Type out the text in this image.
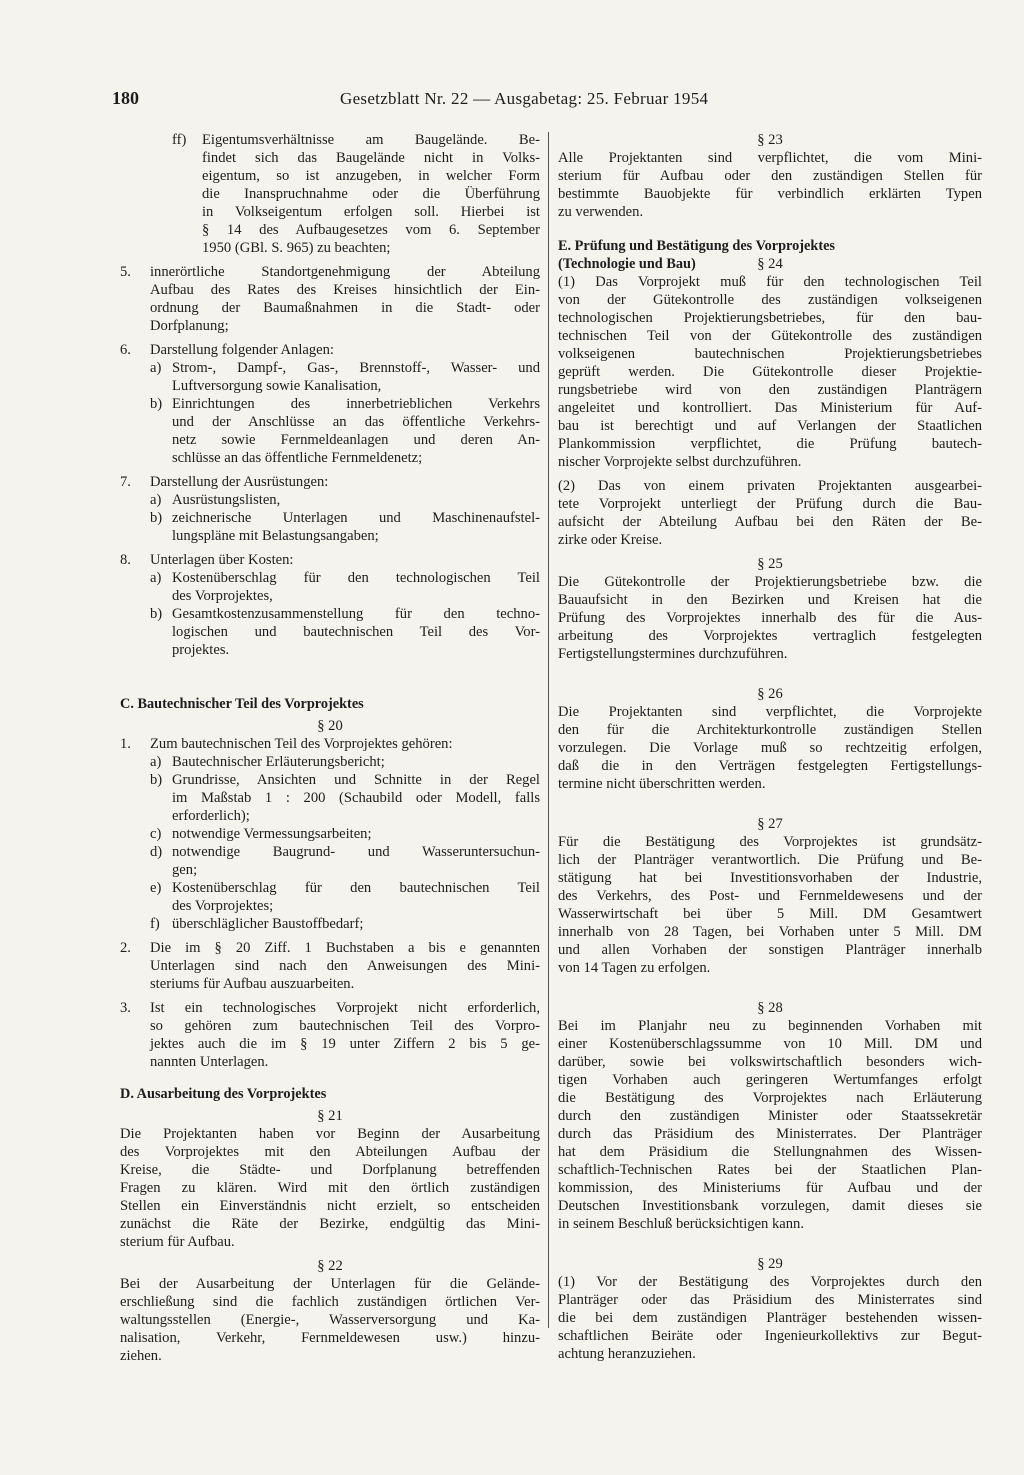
180	Gesetzblatt Nr. 22 — Ausgabetag: 25. Februar 1954
ff)	Eigentumsverhältnisse am Baugelände. Be-
findet sich das Baugelände nicht in Volks-
eigentum, so ist anzugeben, in welcher Form
die Inanspruchnahme oder die Überführung
in Volkseigentum erfolgen soll. Hierbei ist
§ 14 des Aufbaugesetzes vom 6. September
1950 (GBl. S. 965) zu beachten;
5.	innerörtliche Standortgenehmigung der Abteilung
Aufbau des Rates des Kreises hinsichtlich der Ein-
ordnung der Baumaßnahmen in die Stadt- oder
Dorfplanung;
6.	Darstellung folgender Anlagen:
a) Strom-, Dampf-, Gas-, Brennstoff-, Wasser- und
Luftversorgung sowie Kanalisation,
b) Einrichtungen des innerbetrieblichen Verkehrs
und der Anschlüsse an das öffentliche Verkehrs-
netz sowie Fernmeldeanlagen und deren An-
schlüsse an das öffentliche Fernmeldenetz;
7.	Darstellung der Ausrüstungen:
a) Ausrüstungslisten,
b) zeichnerische Unterlagen und Maschinenaufstel-
lungspläne mit Belastungsangaben;
8.	Unterlagen über Kosten:
a) Kostenüberschlag für den technologischen Teil
des Vorprojektes,
b) Gesamtkostenzusammenstellung für den techno-
logischen und bautechnischen Teil des Vor-
projektes.
C. Bautechnischer Teil des Vorprojektes
§ 20
1.	Zum bautechnischen Teil des Vorprojektes gehören:
a) Bautechnischer Erläuterungsbericht;
b) Grundrisse, Ansichten und Schnitte in der Regel
im Maßstab 1 : 200 (Schaubild oder Modell, falls
erforderlich);
c) notwendige Vermessungsarbeiten;
d) notwendige Baugrund- und Wasseruntersuchun-
gen;
e) Kostenüberschlag für den bautechnischen Teil
des Vorprojektes;
f) überschläglicher Baustoffbedarf;
2.	Die im § 20 Ziff. 1 Buchstaben a bis e genannten
Unterlagen sind nach den Anweisungen des Mini-
steriums für Aufbau auszuarbeiten.
3.	Ist ein technologisches Vorprojekt nicht erforderlich,
so gehören zum bautechnischen Teil des Vorpro-
jektes auch die im § 19 unter Ziffern 2 bis 5 ge-
nannten Unterlagen.
D. Ausarbeitung des Vorprojektes
§ 21
Die Projektanten haben vor Beginn der Ausarbeitung
des Vorprojektes mit den Abteilungen Aufbau der
Kreise, die Städte- und Dorfplanung betreffenden
Fragen zu klären. Wird mit den örtlich zuständigen
Stellen ein Einverständnis nicht erzielt, so entscheiden
zunächst die Räte der Bezirke, endgültig das Mini-
sterium für Aufbau.
§ 22
Bei der Ausarbeitung der Unterlagen für die Gelände-
erschließung sind die fachlich zuständigen örtlichen Ver-
waltungsstellen (Energie-, Wasserversorgung und Ka-
nalisation, Verkehr, Fernmeldewesen usw.) hinzu-
ziehen.
§ 23
Alle Projektanten sind verpflichtet, die vom Mini-
sterium für Aufbau oder den zuständigen Stellen für
bestimmte Bauobjekte für verbindlich erklärten Typen
zu verwenden.
E. Prüfung und Bestätigung des Vorprojektes
(Technologie und Bau)	§ 24
(1) Das Vorprojekt muß für den technologischen Teil
von der Gütekontrolle des zuständigen volkseigenen
technologischen Projektierungsbetriebes, für den bau-
technischen Teil von der Gütekontrolle des zuständigen
volkseigenen bautechnischen Projektierungsbetriebes
geprüft werden. Die Gütekontrolle dieser Projektie-
rungsbetriebe wird von den zuständigen Planträgern
angeleitet und kontrolliert. Das Ministerium für Auf-
bau ist berechtigt und auf Verlangen der Staatlichen
Plankommission verpflichtet, die Prüfung bautech-
nischer Vorprojekte selbst durchzuführen.
(2) Das von einem privaten Projektanten ausgearbei-
tete Vorprojekt unterliegt der Prüfung durch die Bau-
aufsicht der Abteilung Aufbau bei den Räten der Be-
zirke oder Kreise.
§ 25
Die Gütekontrolle der Projektierungsbetriebe bzw. die
Bauaufsicht in den Bezirken und Kreisen hat die
Prüfung des Vorprojektes innerhalb des für die Aus-
arbeitung des Vorprojektes vertraglich festgelegten
Fertigstellungstermines durchzuführen.
§ 26
Die Projektanten sind verpflichtet, die Vorprojekte
den für die Architekturkontrolle zuständigen Stellen
vorzulegen. Die Vorlage muß so rechtzeitig erfolgen,
daß die in den Verträgen festgelegten Fertigstellungs-
termine nicht überschritten werden.
§ 27
Für die Bestätigung des Vorprojektes ist grundsätz-
lich der Planträger verantwortlich. Die Prüfung und Be-
stätigung hat bei Investitionsvorhaben der Industrie,
des Verkehrs, des Post- und Fernmeldewesens und der
Wasserwirtschaft bei über 5 Mill. DM Gesamtwert
innerhalb von 28 Tagen, bei Vorhaben unter 5 Mill. DM
und allen Vorhaben der sonstigen Planträger innerhalb
von 14 Tagen zu erfolgen.
§ 28
Bei im Planjahr neu zu beginnenden Vorhaben mit
einer Kostenüberschlagssumme von 10 Mill. DM und
darüber, sowie bei volkswirtschaftlich besonders wich-
tigen Vorhaben auch geringeren Wertumfanges erfolgt
die Bestätigung des Vorprojektes nach Erläuterung
durch den zuständigen Minister oder Staatssekretär
durch das Präsidium des Ministerrates. Der Planträger
hat dem Präsidium die Stellungnahmen des Wissen-
schaftlich-Technischen Rates bei der Staatlichen Plan-
kommission, des Ministeriums für Aufbau und der
Deutschen Investitionsbank vorzulegen, damit dieses sie
in seinem Beschluß berücksichtigen kann.
§ 29
(1) Vor der Bestätigung des Vorprojektes durch den
Planträger oder das Präsidium des Ministerrates sind
die bei dem zuständigen Planträger bestehenden wissen-
schaftlichen Beiräte oder Ingenieurkollektivs zur Begut-
achtung heranzuziehen.
